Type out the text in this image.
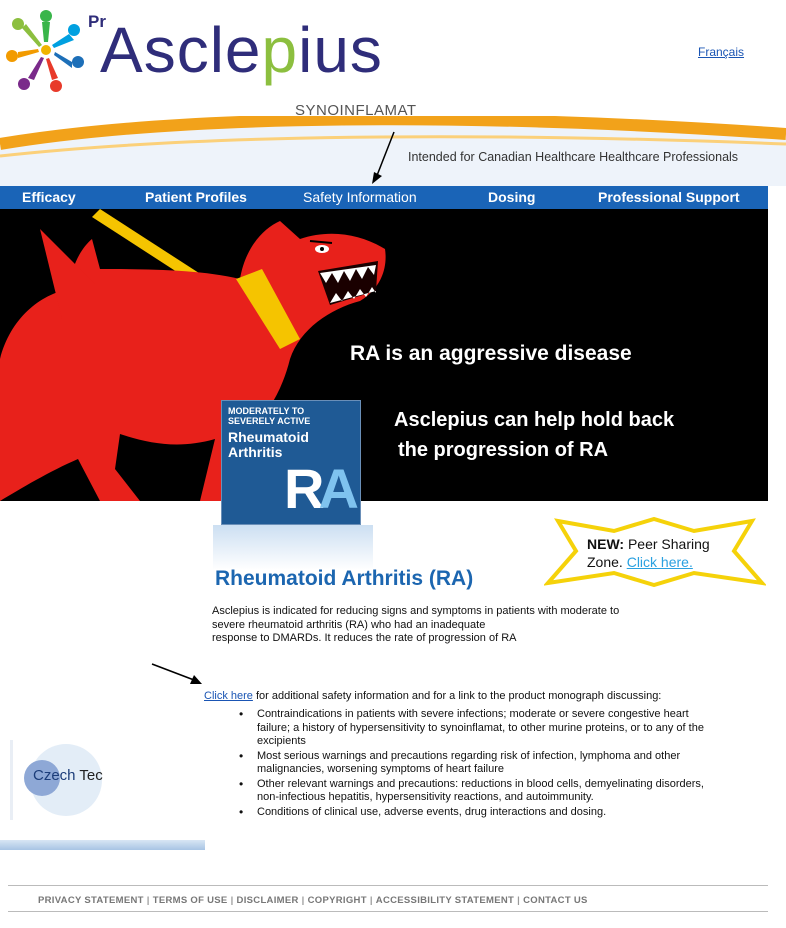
Pr
Asclepius
SYNOINFLAMAT
Français
Intended for Canadian Healthcare Healthcare Professionals
Efficacy	Patient Profiles	Safety Information	Dosing	Professional Support
RA is an aggressive disease
Asclepius can help hold back
the progression of RA
MODERATELY TO
SEVERELY ACTIVE
Rheumatoid
Arthritis
RA
NEW: Peer Sharing Zone. Click here.
Rheumatoid Arthritis (RA)
Asclepius is indicated for reducing signs and symptoms in patients with moderate to
severe rheumatoid arthritis (RA) who had an inadequate
response to DMARDs. It reduces the rate of progression of RA
Click here for additional safety information and for a link to the product monograph discussing:
• Contraindications in patients with severe infections; moderate or severe congestive heart failure; a history of hypersensitivity to synoinflamat, to other murine proteins, or to any of the excipients
• Most serious warnings and precautions regarding risk of infection, lymphoma and other malignancies, worsening symptoms of heart failure
• Other relevant warnings and precautions: reductions in blood cells, demyelinating disorders, non-infectious hepatitis, hypersensitivity reactions, and autoimmunity.
• Conditions of clinical use, adverse events, drug interactions and dosing.
Czech Tec
PRIVACY STATEMENT | TERMS OF USE | DISCLAIMER | COPYRIGHT | ACCESSIBILITY STATEMENT | CONTACT US
